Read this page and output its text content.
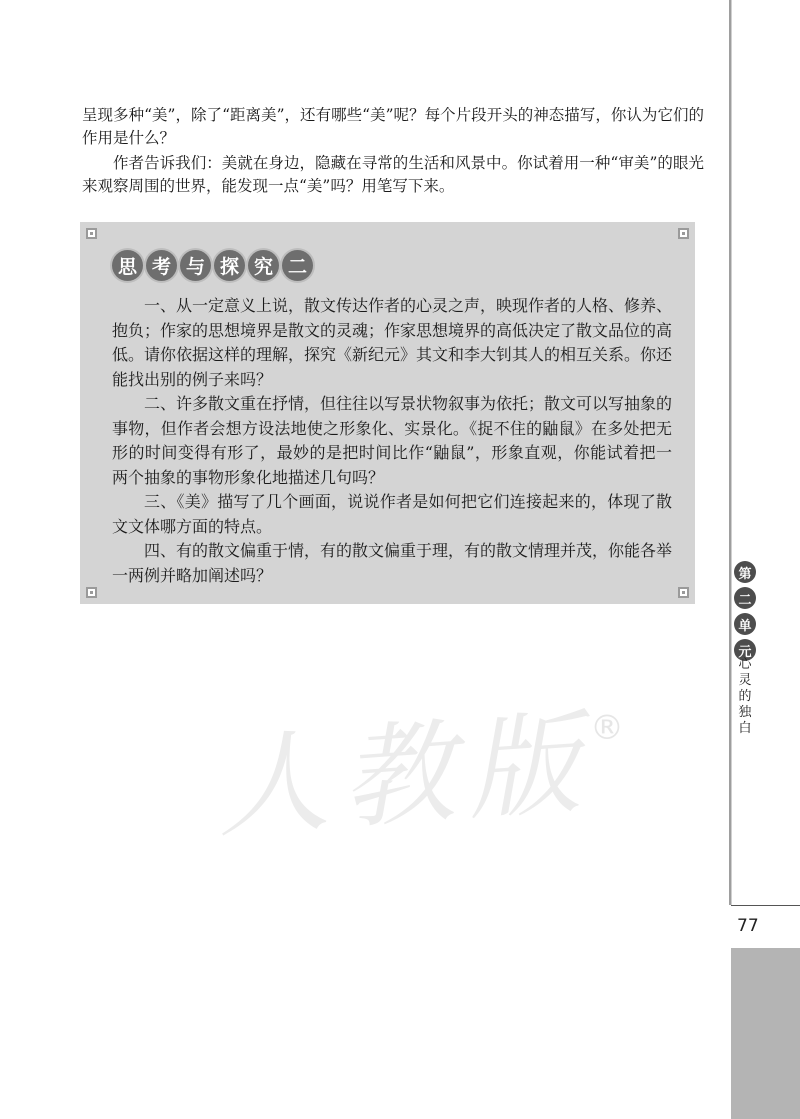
呈现多种“美”，除了“距离美”，还有哪些“美”呢？每个片段开头的神态描写，你认为它们的作用是什么？

作者告诉我们：美就在身边，隐藏在寻常的生活和风景中。你试着用一种“审美”的眼光来观察周围的世界，能发现一点“美”吗？用笔写下来。

思 考 与 探 究 二

一、从一定意义上说，散文传达作者的心灵之声，映现作者的人格、修养、抱负；作家的思想境界是散文的灵魂；作家思想境界的高低决定了散文品位的高低。请你依据这样的理解，探究《新纪元》其文和李大钊其人的相互关系。你还能找出别的例子来吗？

二、许多散文重在抒情，但往往以写景状物叙事为依托；散文可以写抽象的事物，但作者会想方设法地使之形象化、实景化。《捉不住的鼬鼠》在多处把无形的时间变得有形了，最妙的是把时间比作“鼬鼠”，形象直观，你能试着把一两个抽象的事物形象化地描述几句吗？

三、《美》描写了几个画面，说说作者是如何把它们连接起来的，体现了散文文体哪方面的特点。

四、有的散文偏重于情，有的散文偏重于理，有的散文情理并茂，你能各举一两例并略加阐述吗？

人教版
®
第
二
单
元
心灵的独白
77
